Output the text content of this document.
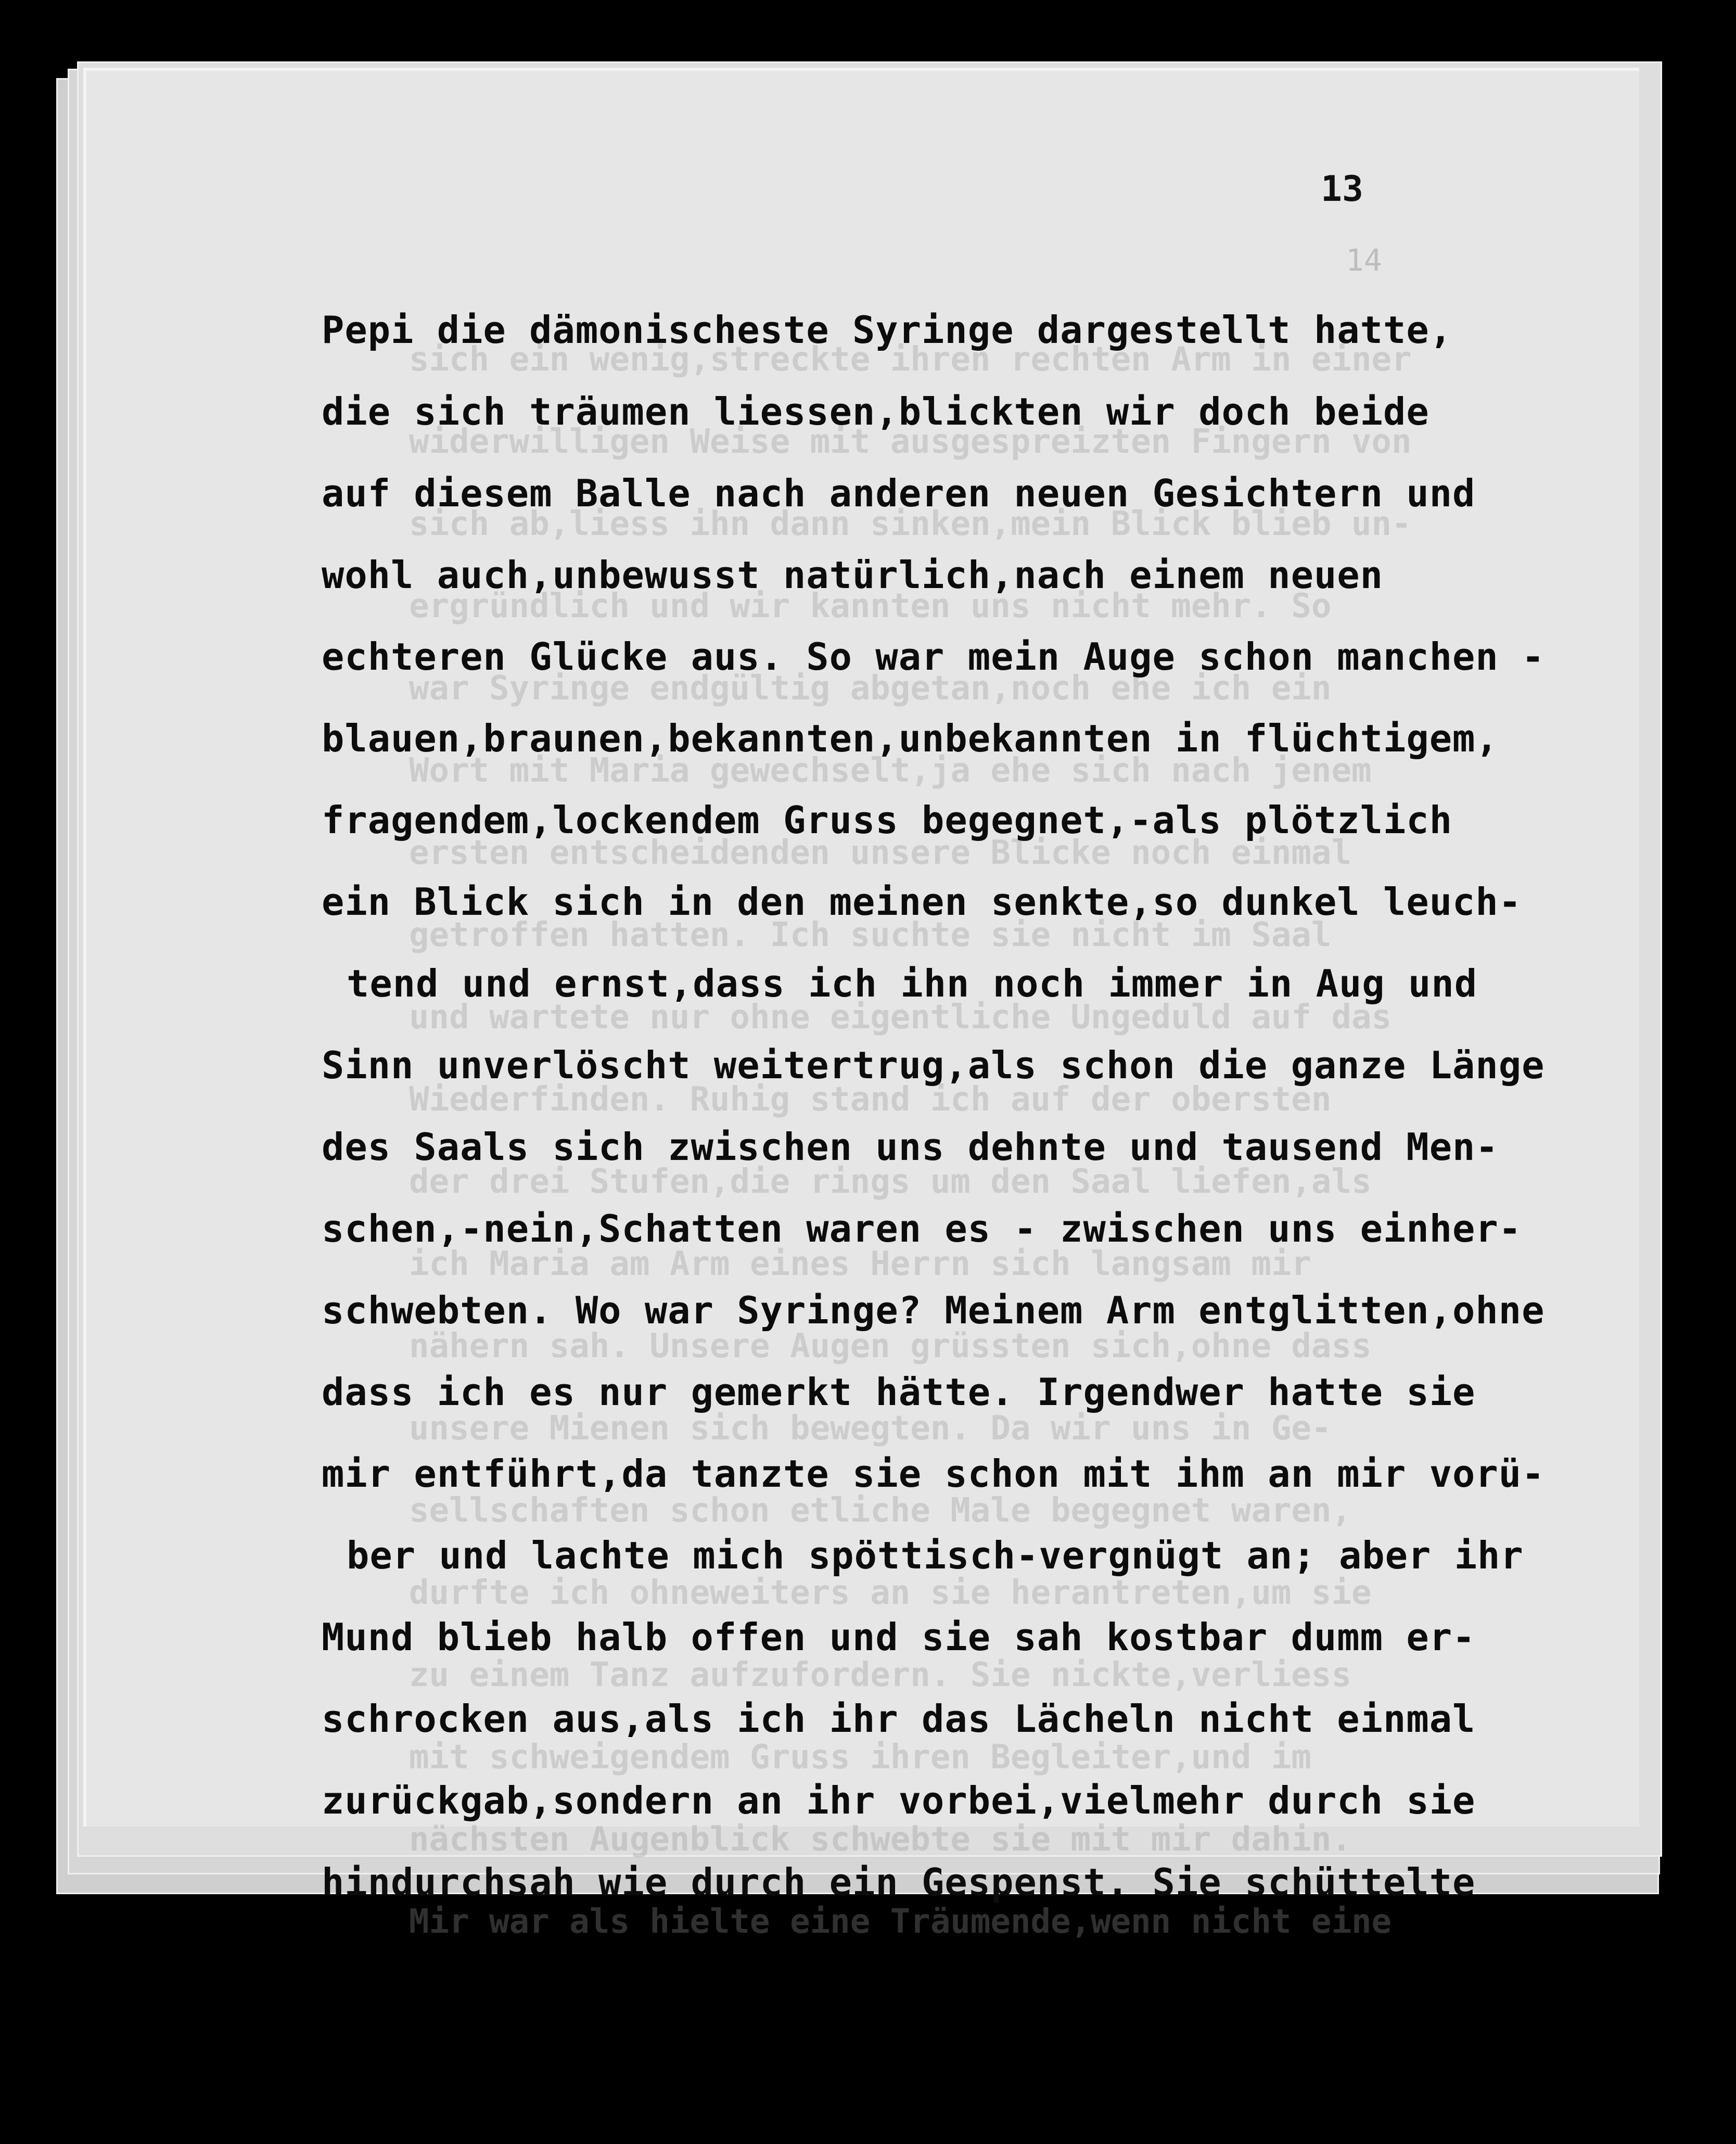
13
14
sich ein wenig,streckte ihren rechten Arm in einer
widerwilligen Weise mit ausgespreizten Fingern von
sich ab,liess ihn dann sinken,mein Blick blieb un-
ergründlich und wir kannten uns nicht mehr. So
war Syringe endgültig abgetan,noch ehe ich ein
Wort mit Maria gewechselt,ja ehe sich nach jenem
ersten entscheidenden unsere Blicke noch einmal
getroffen hatten. Ich suchte sie nicht im Saal
und wartete nur ohne eigentliche Ungeduld auf das
Wiederfinden. Ruhig stand ich auf der obersten
der drei Stufen,die rings um den Saal liefen,als
ich Maria am Arm eines Herrn sich langsam mir
nähern sah. Unsere Augen grüssten sich,ohne dass
unsere Mienen sich bewegten. Da wir uns in Ge-
sellschaften schon etliche Male begegnet waren,
durfte ich ohneweiters an sie herantreten,um sie
zu einem Tanz aufzufordern. Sie nickte,verliess
mit schweigendem Gruss ihren Begleiter,und im
nächsten Augenblick schwebte sie mit mir dahin.
Mir war als hielte eine Träumende,wenn nicht eine
Pepi die dämonischeste Syringe dargestellt hatte,
die sich träumen liessen,blickten wir doch beide
auf diesem Balle nach anderen neuen Gesichtern und
wohl auch,unbewusst natürlich,nach einem neuen
echteren Glücke aus. So war mein Auge schon manchen -
blauen,braunen,bekannten,unbekannten in flüchtigem,
fragendem,lockendem Gruss begegnet,-als plötzlich
ein Blick sich in den meinen senkte,so dunkel leuch-
tend und ernst,dass ich ihn noch immer in Aug und
Sinn unverlöscht weitertrug,als schon die ganze Länge
des Saals sich zwischen uns dehnte und tausend Men-
schen,-nein,Schatten waren es - zwischen uns einher-
schwebten. Wo war Syringe? Meinem Arm entglitten,ohne
dass ich es nur gemerkt hätte. Irgendwer hatte sie
mir entführt,da tanzte sie schon mit ihm an mir vorü-
ber und lachte mich spöttisch-vergnügt an; aber ihr
Mund blieb halb offen und sie sah kostbar dumm er-
schrocken aus,als ich ihr das Lächeln nicht einmal
zurückgab,sondern an ihr vorbei,vielmehr durch sie
hindurchsah wie durch ein Gespenst. Sie schüttelte
